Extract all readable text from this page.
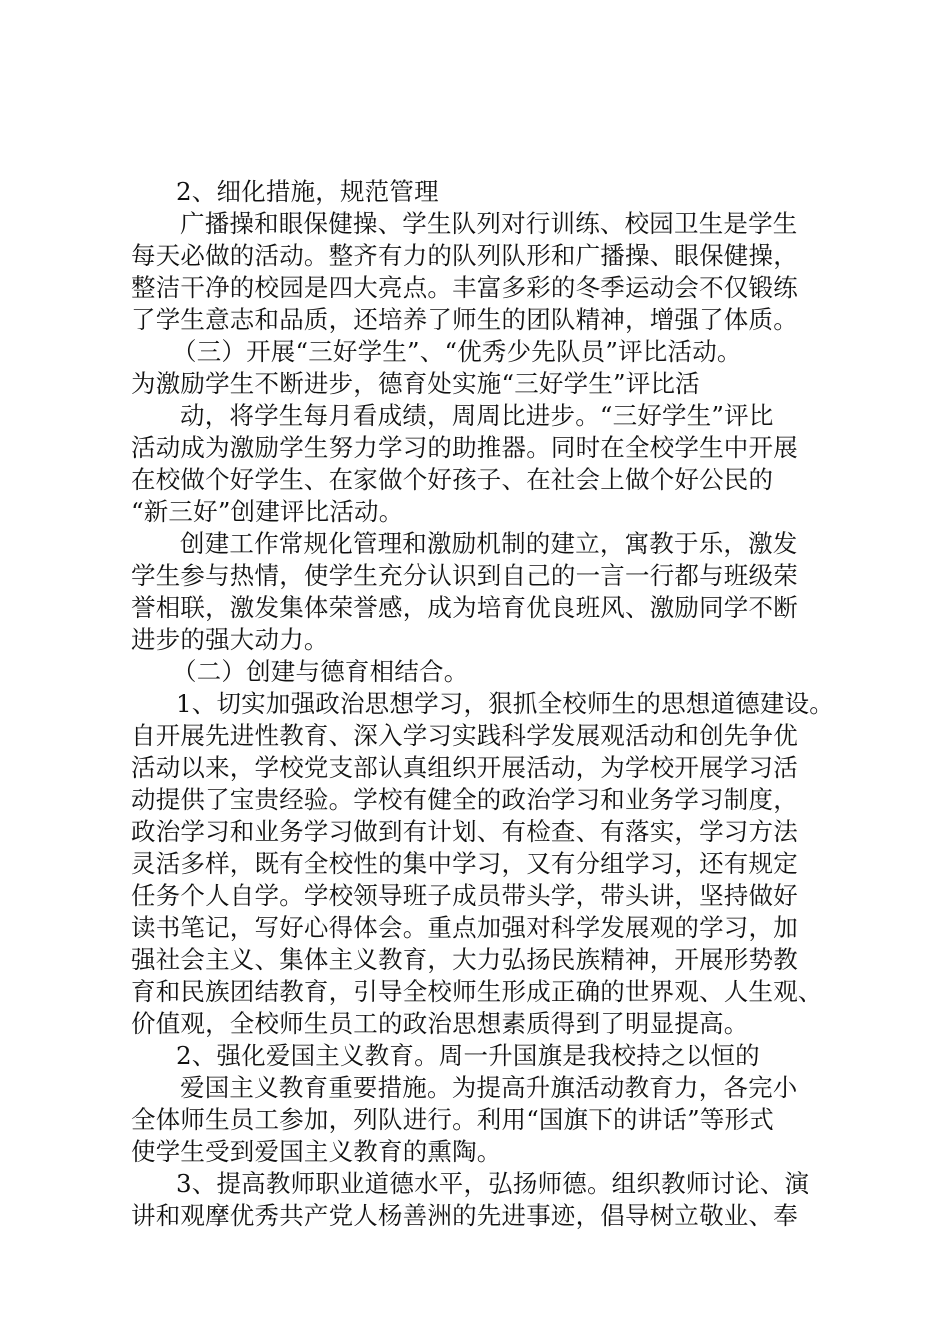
2、细化措施，规范管理
广播操和眼保健操、学生队列对行训练、校园卫生是学生
每天必做的活动。整齐有力的队列队形和广播操、眼保健操，
整洁干净的校园是四大亮点。丰富多彩的冬季运动会不仅锻练
了学生意志和品质，还培养了师生的团队精神，增强了体质。
（三）开展“三好学生”、“优秀少先队员”评比活动。
为激励学生不断进步，德育处实施“三好学生”评比活
动，将学生每月看成绩，周周比进步。“三好学生”评比
活动成为激励学生努力学习的助推器。同时在全校学生中开展
在校做个好学生、在家做个好孩子、在社会上做个好公民的
“新三好”创建评比活动。
创建工作常规化管理和激励机制的建立，寓教于乐，激发
学生参与热情，使学生充分认识到自己的一言一行都与班级荣
誉相联，激发集体荣誉感，成为培育优良班风、激励同学不断
进步的强大动力。
（二）创建与德育相结合。
1、切实加强政治思想学习，狠抓全校师生的思想道德建设。
自开展先进性教育、深入学习实践科学发展观活动和创先争优
活动以来，学校党支部认真组织开展活动，为学校开展学习活
动提供了宝贵经验。学校有健全的政治学习和业务学习制度，
政治学习和业务学习做到有计划、有检查、有落实，学习方法
灵活多样，既有全校性的集中学习，又有分组学习，还有规定
任务个人自学。学校领导班子成员带头学，带头讲，坚持做好
读书笔记，写好心得体会。重点加强对科学发展观的学习，加
强社会主义、集体主义教育，大力弘扬民族精神，开展形势教
育和民族团结教育，引导全校师生形成正确的世界观、人生观、
价值观，全校师生员工的政治思想素质得到了明显提高。
2、强化爱国主义教育。周一升国旗是我校持之以恒的
爱国主义教育重要措施。为提高升旗活动教育力，各完小
全体师生员工参加，列队进行。利用“国旗下的讲话”等形式
使学生受到爱国主义教育的熏陶。
3、提高教师职业道德水平，弘扬师德。组织教师讨论、演
讲和观摩优秀共产党人杨善洲的先进事迹，倡导树立敬业、奉
